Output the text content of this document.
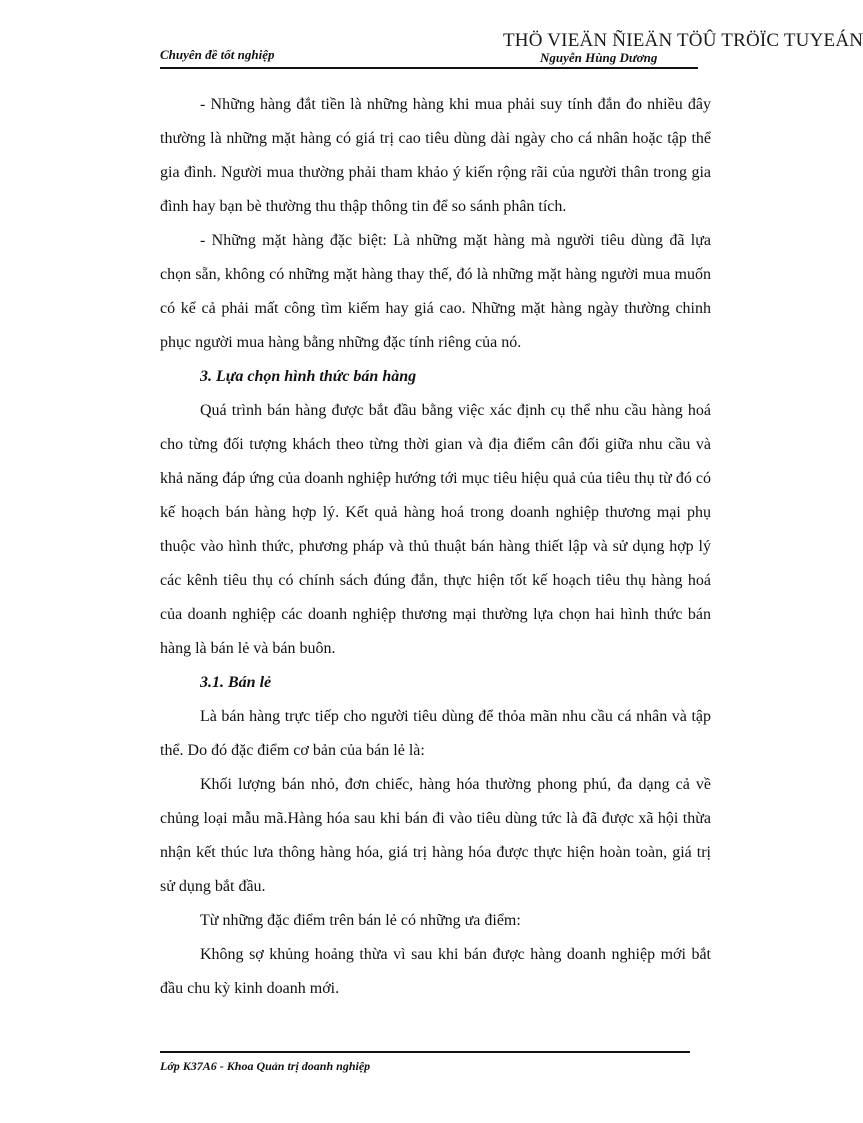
Chuyên đề tốt nghiệp
THÖ VIEÄN ÑIEÄN TÖÛ TRÖÏC TUYEÁN
Nguyễn Hùng Dương

- Những hàng đắt tiền là những hàng khi mua phải suy tính đắn đo nhiều đây thường là những mặt hàng có giá trị cao tiêu dùng dài ngày cho cá nhân hoặc tập thể gia đình. Người mua thường phải tham khảo ý kiến rộng rãi của người thân trong gia đình hay bạn bè thường thu thập thông tin để so sánh phân tích.

- Những mặt hàng đặc biệt: Là những mặt hàng mà người tiêu dùng đã lựa chọn sẵn, không có những mặt hàng thay thế, đó là những mặt hàng người mua muốn có kể cả phải mất công tìm kiếm hay giá cao. Những mặt hàng ngày thường chinh phục người mua hàng bằng những đặc tính riêng của nó.

3. Lựa chọn hình thức bán hàng

Quá trình bán hàng được bắt đầu bằng việc xác định cụ thể nhu cầu hàng hoá cho từng đối tượng khách theo từng thời gian và địa điểm cân đối giữa nhu cầu và khả năng đáp ứng của doanh nghiệp hướng tới mục tiêu hiệu quả của tiêu thụ từ đó có kế hoạch bán hàng hợp lý. Kết quả hàng hoá trong doanh nghiệp thương mại phụ thuộc vào hình thức, phương pháp và thủ thuật bán hàng thiết lập và sử dụng hợp lý các kênh tiêu thụ có chính sách đúng đắn, thực hiện tốt kế hoạch tiêu thụ hàng hoá của doanh nghiệp các doanh nghiệp thương mại thường lựa chọn hai hình thức bán hàng là bán lẻ và bán buôn.

3.1. Bán lẻ

Là bán hàng trực tiếp cho người tiêu dùng để thỏa mãn nhu cầu cá nhân và tập thể. Do đó đặc điểm cơ bản của bán lẻ là:

Khối lượng bán nhỏ, đơn chiếc, hàng hóa thường phong phú, đa dạng cả về chủng loại mẫu mã.Hàng hóa sau khi bán đi vào tiêu dùng tức là đã được xã hội thừa nhận kết thúc lưa thông hàng hóa, giá trị hàng hóa được thực hiện hoàn toàn, giá trị sử dụng bắt đầu.

Từ những đặc điểm trên bán lẻ có những ưa điểm:

Không sợ khủng hoảng thừa vì sau khi bán được hàng doanh nghiệp mới bắt đầu chu kỳ kinh doanh mới.

Lớp K37A6 - Khoa Quản trị doanh nghiệp
